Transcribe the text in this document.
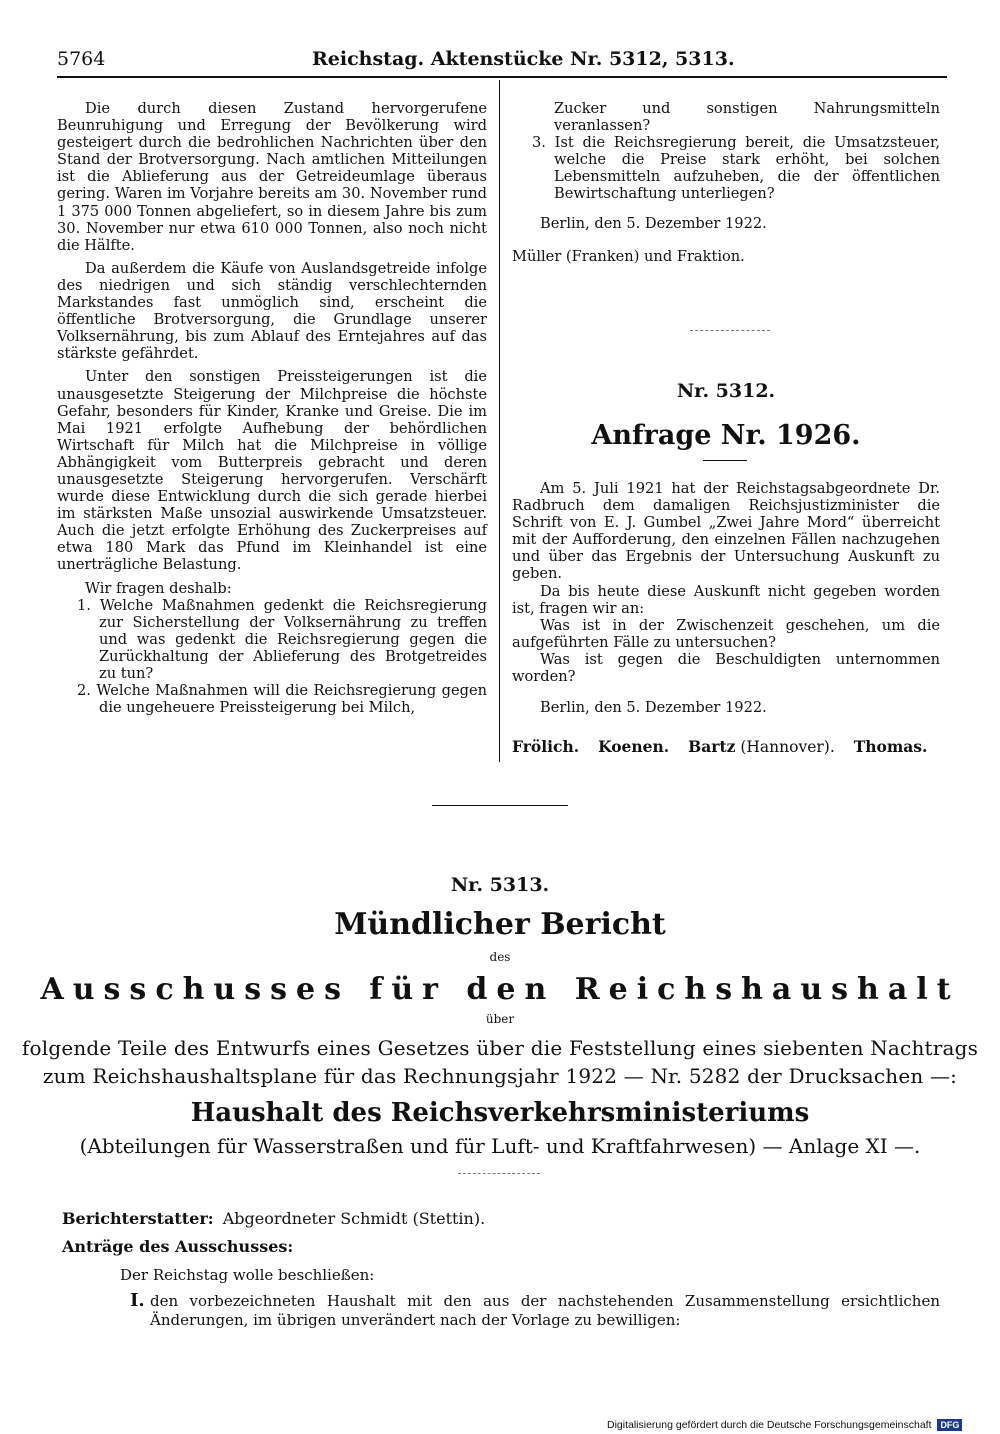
5764	Reichstag. Aktenstücke Nr. 5312, 5313.

Die durch diesen Zustand hervorgerufene Beunruhigung und Erregung der Bevölkerung wird gesteigert durch die bedrohlichen Nachrichten über den Stand der Brotversorgung. Nach amtlichen Mitteilungen ist die Ablieferung aus der Getreideumlage überaus gering. Waren im Vorjahre bereits am 30. November rund 1 375 000 Tonnen abgeliefert, so in diesem Jahre bis zum 30. November nur etwa 610 000 Tonnen, also noch nicht die Hälfte.

Da außerdem die Käufe von Auslandsgetreide infolge des niedrigen und sich ständig verschlechternden Markstandes fast unmöglich sind, erscheint die öffentliche Brotversorgung, die Grundlage unserer Volksernährung, bis zum Ablauf des Erntejahres auf das stärkste gefährdet.

Unter den sonstigen Preissteigerungen ist die unausgesetzte Steigerung der Milchpreise die höchste Gefahr, besonders für Kinder, Kranke und Greise. Die im Mai 1921 erfolgte Aufhebung der behördlichen Wirtschaft für Milch hat die Milchpreise in völlige Abhängigkeit vom Butterpreis gebracht und deren unausgesetzte Steigerung hervorgerufen. Verschärft wurde diese Entwicklung durch die sich gerade hierbei im stärksten Maße unsozial auswirkende Umsatzsteuer. Auch die jetzt erfolgte Erhöhung des Zuckerpreises auf etwa 180 Mark das Pfund im Kleinhandel ist eine unerträgliche Belastung.

Wir fragen deshalb:

1. Welche Maßnahmen gedenkt die Reichsregierung zur Sicherstellung der Volksernährung zu treffen und was gedenkt die Reichsregierung gegen die Zurückhaltung der Ablieferung des Brotgetreides zu tun?

2. Welche Maßnahmen will die Reichsregierung gegen die ungeheuere Preissteigerung bei Milch,

Zucker und sonstigen Nahrungsmitteln veranlassen?

3. Ist die Reichsregierung bereit, die Umsatzsteuer, welche die Preise stark erhöht, bei solchen Lebensmitteln aufzuheben, die der öffentlichen Bewirtschaftung unterliegen?

Berlin, den 5. Dezember 1922.

Müller (Franken) und Fraktion.

Nr. 5312.
Anfrage Nr. 1926.

Am 5. Juli 1921 hat der Reichstagsabgeordnete Dr. Radbruch dem damaligen Reichsjustizminister die Schrift von E. J. Gumbel „Zwei Jahre Mord“ überreicht mit der Aufforderung, den einzelnen Fällen nachzugehen und über das Ergebnis der Untersuchung Auskunft zu geben.

Da bis heute diese Auskunft nicht gegeben worden ist, fragen wir an:

Was ist in der Zwischenzeit geschehen, um die aufgeführten Fälle zu untersuchen?

Was ist gegen die Beschuldigten unternommen worden?

Berlin, den 5. Dezember 1922.

Frölich. Koenen. Bartz (Hannover). Thomas.
Nr. 5313.
Mündlicher Bericht
des
Ausschusses für den Reichshaushalt
über
folgende Teile des Entwurfs eines Gesetzes über die Feststellung eines siebenten Nachtrags
zum Reichshaushaltsplane für das Rechnungsjahr 1922 — Nr. 5282 der Drucksachen —:
Haushalt des Reichsverkehrsministeriums
(Abteilungen für Wasserstraßen und für Luft- und Kraftfahrwesen) — Anlage XI —.
Berichterstatter: Abgeordneter Schmidt (Stettin).
Anträge des Ausschusses:
Der Reichstag wolle beschließen:
I. den vorbezeichneten Haushalt mit den aus der nachstehenden Zusammenstellung ersichtlichen Änderungen, im übrigen unverändert nach der Vorlage zu bewilligen:
Digitalisierung gefördert durch die Deutsche Forschungsgemeinschaft DFG
